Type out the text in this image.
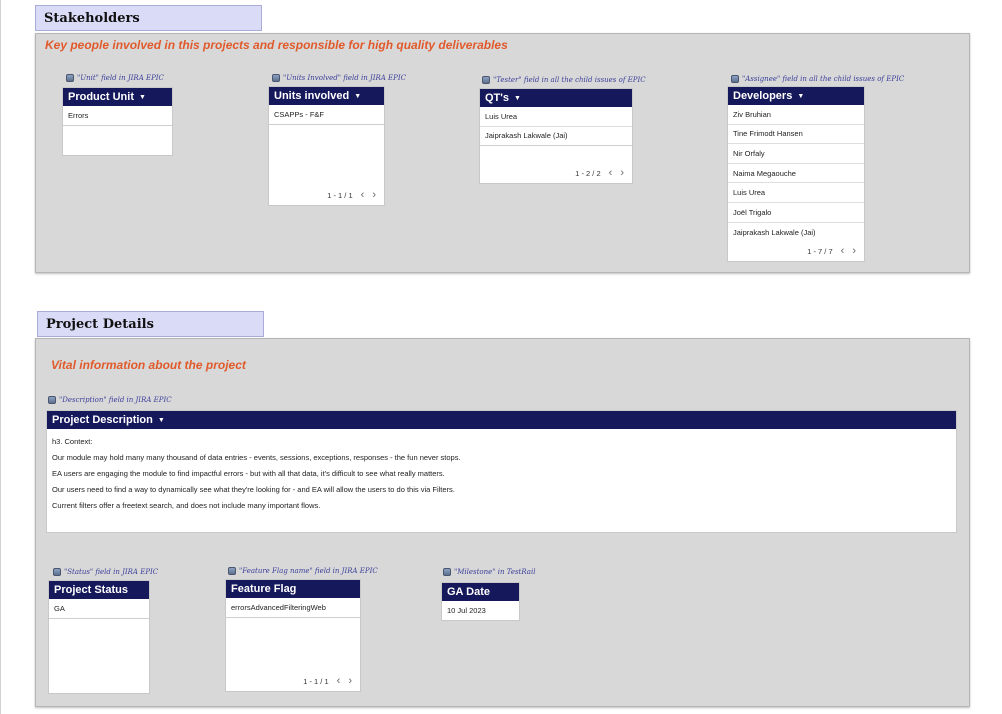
Stakeholders
Key people involved in this projects and responsible for high quality deliverables
"Unit" field in JIRA EPIC
Product Unit ▼
Errors
"Units Involved" field in JIRA EPIC
Units involved ▼
CSAPPs - F&F
1 - 1 / 1 ‹ ›
"Tester" field in all the child issues of EPIC
QT's ▼
Luis Urea
Jaiprakash Lakwale (Jai)
1 - 2 / 2 ‹ ›
"Assignee" field in all the child issues of EPIC
Developers ▼
Ziv Bruhian
Tine Frimodt Hansen
Nir Orfaly
Naima Megaouche
Luis Urea
Joël Trigalo
Jaiprakash Lakwale (Jai)
1 - 7 / 7 ‹ ›
Project Details
Vital information about the project
"Description" field in JIRA EPIC
Project Description ▼
h3. Context:
Our module may hold many many thousand of data entries - events, sessions, exceptions, responses - the fun never stops.
EA users are engaging the module to find impactful errors - but with all that data, it's difficult to see what really matters.
Our users need to find a way to dynamically see what they're looking for - and EA will allow the users to do this via Filters.
Current filters offer a freetext search, and does not include many important flows.
"Status" field in JIRA EPIC
Project Status
GA
"Feature Flag name" field in JIRA EPIC
Feature Flag
errorsAdvancedFilteringWeb
1 - 1 / 1 ‹ ›
"Milestone" in TestRail
GA Date
10 Jul 2023
